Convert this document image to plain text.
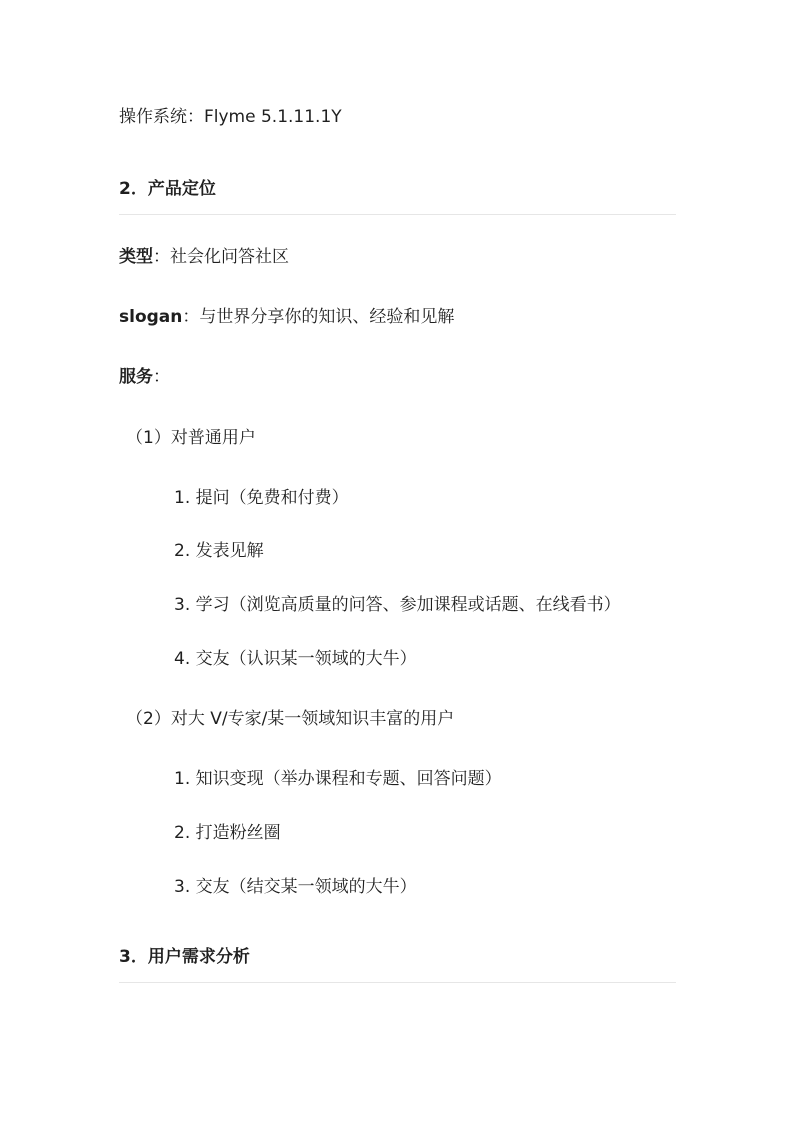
操作系统：Flyme 5.1.11.1Y
2．产品定位
类型：社会化问答社区
slogan：与世界分享你的知识、经验和见解
服务：
（1）对普通用户
1. 提问（免费和付费）
2. 发表见解
3. 学习（浏览高质量的问答、参加课程或话题、在线看书）
4. 交友（认识某一领域的大牛）
（2）对大 V/专家/某一领域知识丰富的用户
1. 知识变现（举办课程和专题、回答问题）
2. 打造粉丝圈
3. 交友（结交某一领域的大牛）
3．用户需求分析
